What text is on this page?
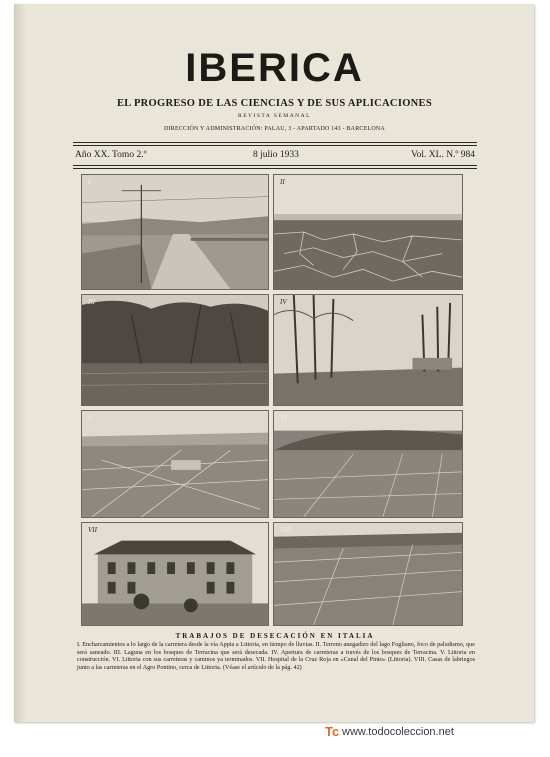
IBERICA
EL PROGRESO DE LAS CIENCIAS Y DE SUS APLICACIONES
REVISTA SEMANAL
DIRECCIÓN Y ADMINISTRACIÓN: PALAU, 3 - APARTADO 143 - BARCELONA
Año XX. Tomo 2.º	8 julio 1933	Vol. XL. N.º 984
I	II
III	IV
V	VI
VII	VIII
TRABAJOS DE DESECACIÓN EN ITALIA
I. Encharcamientos a lo largo de la carretera desde la vía Appia a Littoria, en tiempo de lluvias. II. Terreno anegadizo del lago Fogliano, foco de paludismo, que será saneado. III. Laguna en los bosques de Terracina que será desecada. IV. Apertura de carreteras a través de los bosques de Terracina. V. Littoria en construcción. VI. Littoria con sus carreteras y caminos ya terminados. VII. Hospital de la Cruz Roja en «Canal del Pinto» (Littoria). VIII. Casas de labriegos junto a las carreteras en el Agro Pontino, cerca de Littoria. (Véase el artículo de la pág. 42)
Tc www.todocoleccion.net
